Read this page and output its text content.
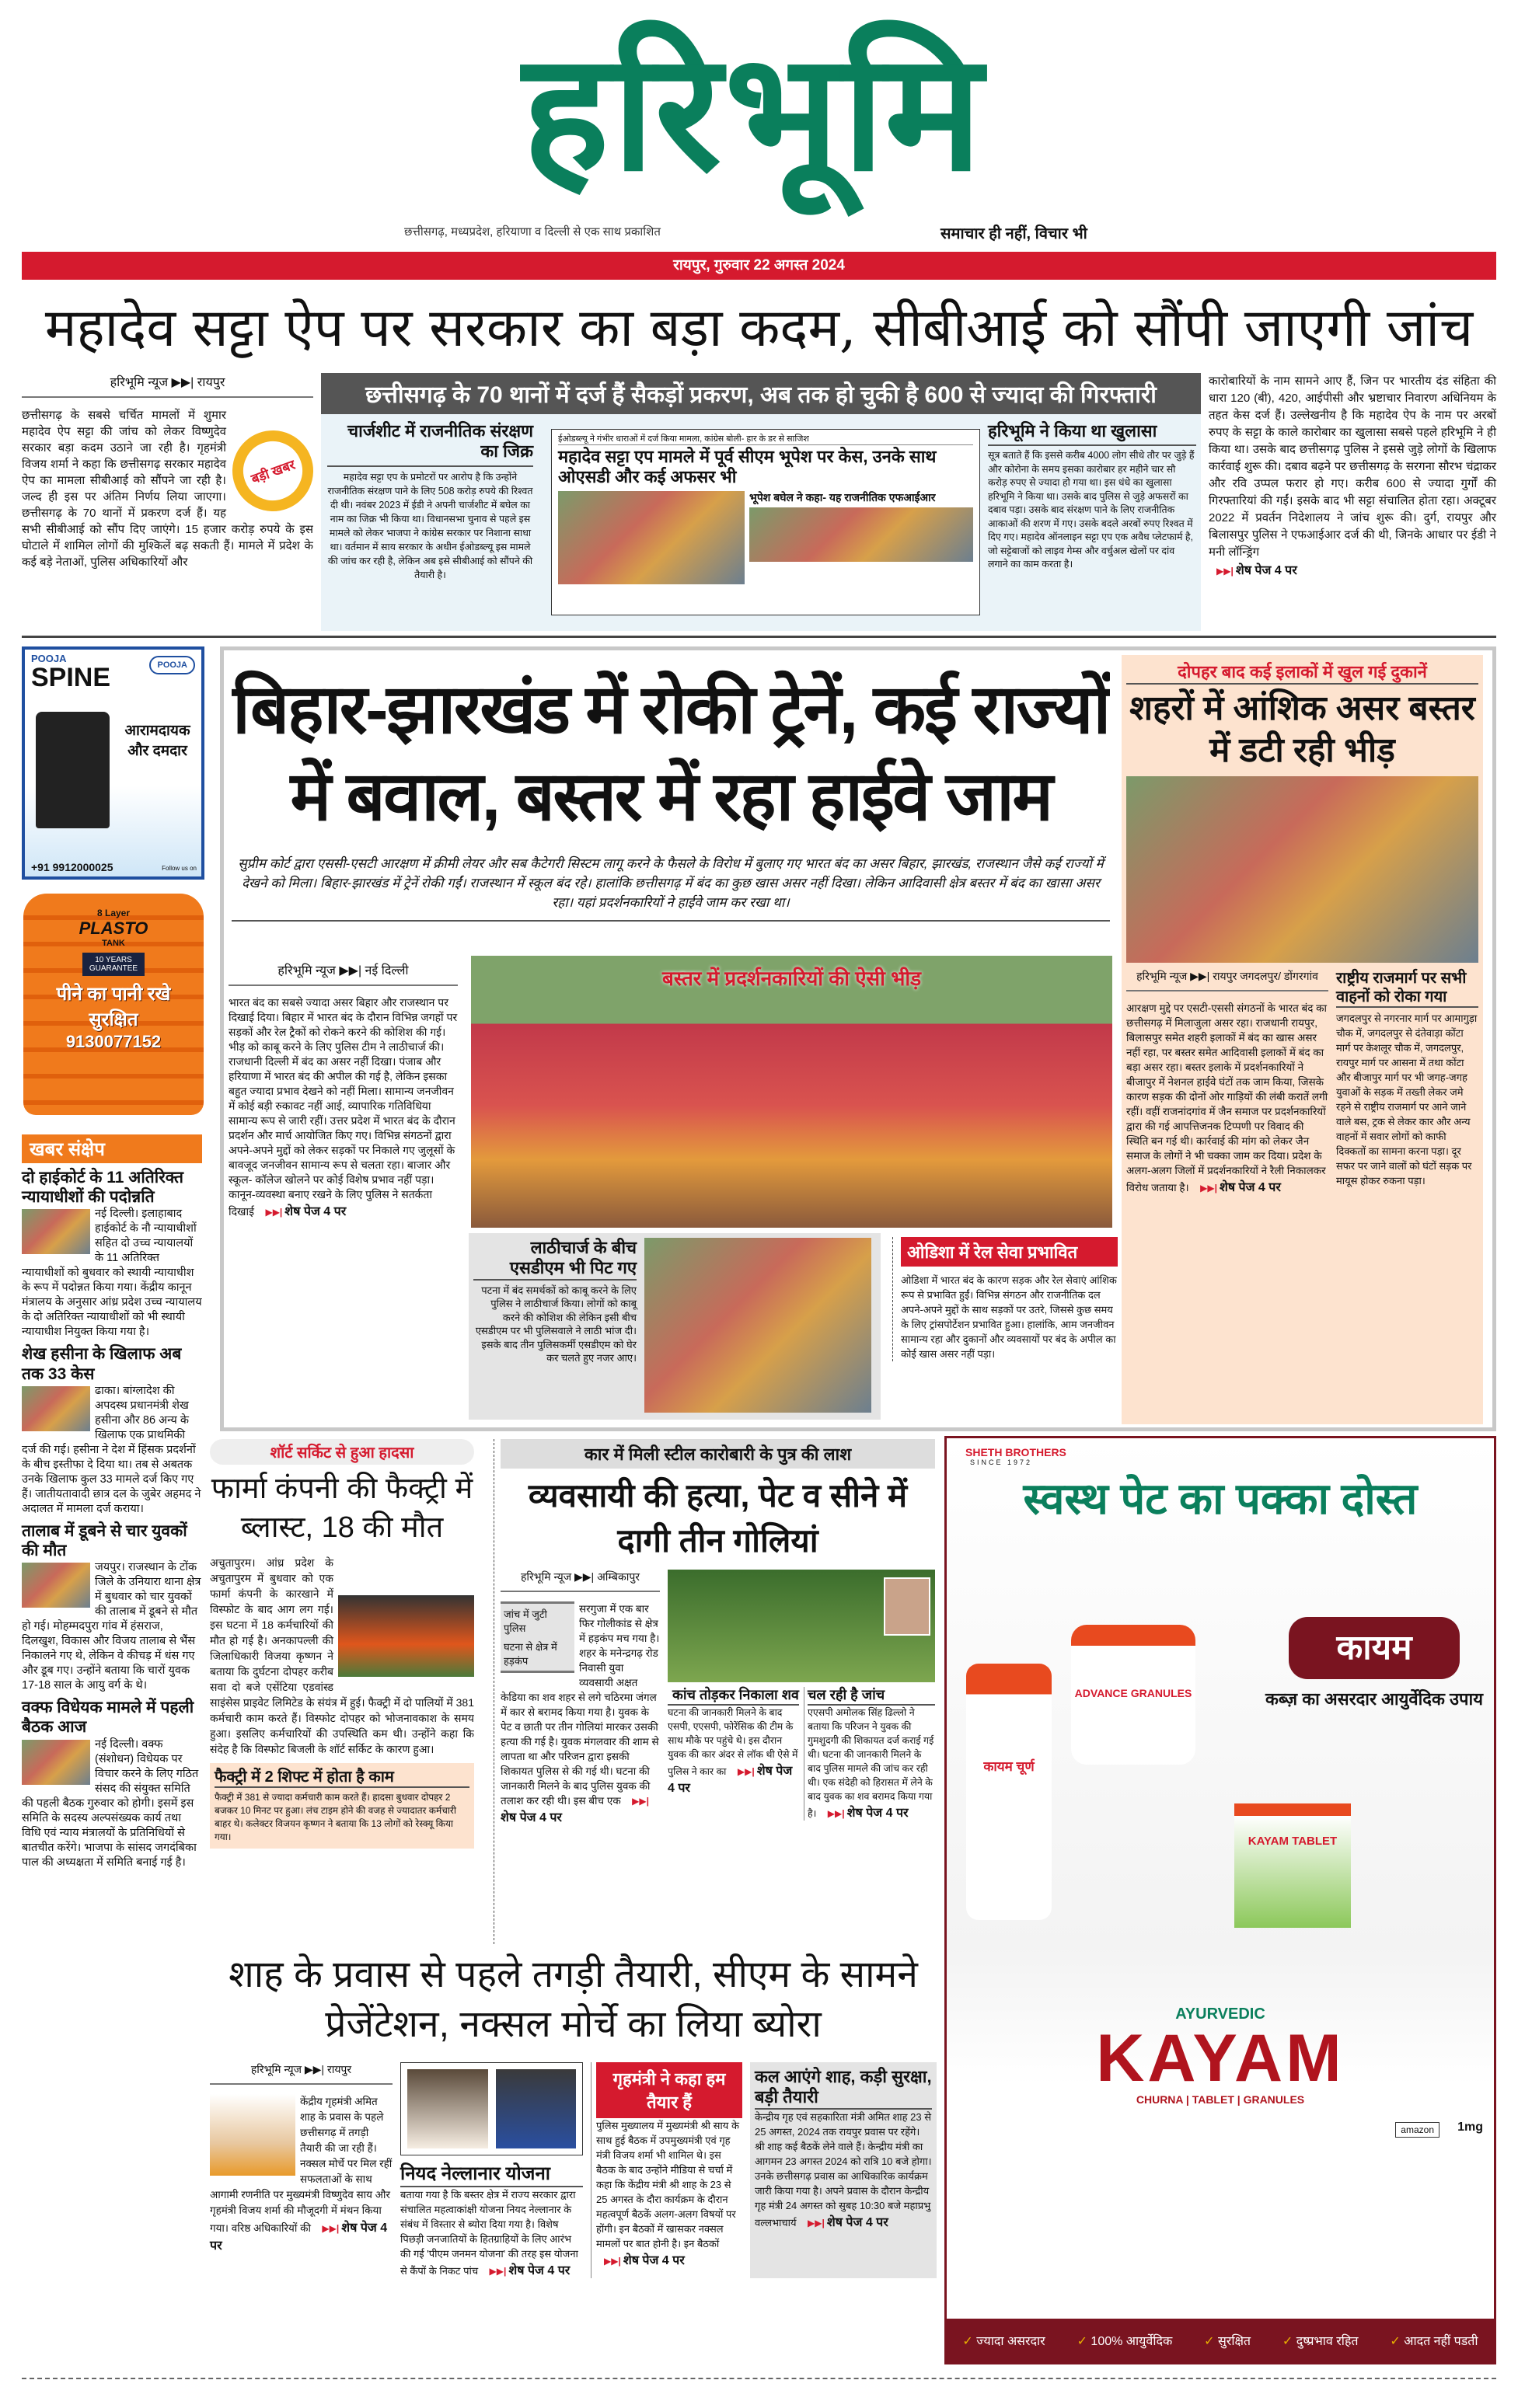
हरिभूमि
छत्तीसगढ़, मध्यप्रदेश, हरियाणा व दिल्ली से एक साथ प्रकाशित	समाचार ही नहीं, विचार भी
रायपुर, गुरुवार 22 अगस्त 2024
महादेव सट्टा ऐप पर सरकार का बड़ा कदम, सीबीआई को सौंपी जाएगी जांच
हरिभूमि न्यूज ▶▶| रायपुर
बड़ी खबर
छत्तीसगढ़ के सबसे चर्चित मामलों में शुमार महादेव ऐप सट्टा की जांच को लेकर विष्णुदेव सरकार बड़ा कदम उठाने जा रही है। गृहमंत्री विजय शर्मा ने कहा कि छत्तीसगढ़ सरकार महादेव ऐप का मामला सीबीआई को सौंपने जा रही है। जल्द ही इस पर अंतिम निर्णय लिया जाएगा। छत्तीसगढ़ के 70 थानों में प्रकरण दर्ज हैं। यह सभी सीबीआई को सौंप दिए जाएंगे। 15 हजार करोड़ रुपये के इस घोटाले में शामिल लोगों की मुश्किलें बढ़ सकती हैं। मामले में प्रदेश के कई बड़े नेताओं, पुलिस अधिकारियों और
छत्तीसगढ़ के 70 थानों में दर्ज हैं सैकड़ों प्रकरण, अब तक हो चुकी है 600 से ज्यादा की गिरफ्तारी
चार्जशीट में राजनीतिक संरक्षण का जिक्र
महादेव सट्टा एप के प्रमोटरों पर आरोप है कि उन्होंने राजनीतिक संरक्षण पाने के लिए 508 करोड़ रुपये की रिश्वत दी थी। नवंबर 2023 में ईडी ने अपनी चार्जशीट में बघेल का नाम का जिक्र भी किया था। विधानसभा चुनाव से पहले इस मामले को लेकर भाजपा ने कांग्रेस सरकार पर निशाना साधा था। वर्तमान में साय सरकार के अधीन ईओडब्ल्यू इस मामले की जांच कर रही है, लेकिन अब इसे सीबीआई को सौंपने की तैयारी है।
ईओडब्ल्यू ने गंभीर धाराओं में दर्ज किया मामला, कांग्रेस बोली- हार के डर से साजिश
महादेव सट्टा एप मामले में पूर्व सीएम भूपेश पर केस, उनके साथ ओएसडी और कई अफसर भी
भूपेश बघेल ने कहा- यह राजनीतिक एफआईआर
हरिभूमि ने किया था खुलासा
सूत्र बताते हैं कि इससे करीब 4000 लोग सीधे तौर पर जुड़े हैं और कोरोना के समय इसका कारोबार हर महीने चार सौ करोड़ रुपए से ज्यादा हो गया था। इस धंधे का खुलासा हरिभूमि ने किया था। उसके बाद पुलिस से जुड़े अफसरों का दबाव पड़ा। उसके बाद संरक्षण पाने के लिए राजनीतिक आकाओं की शरण में गए। उसके बदले अरबों रुपए रिश्वत में दिए गए। महादेव ऑनलाइन सट्टा एप एक अवैध प्लेटफार्म है, जो सट्टेबाजों को लाइव गेम्स और वर्चुअल खेलों पर दांव लगाने का काम करता है।
कारोबारियों के नाम सामने आए हैं, जिन पर भारतीय दंड संहिता की धारा 120 (बी), 420, आईपीसी और भ्रष्टाचार निवारण अधिनियम के तहत केस दर्ज हैं। उल्लेखनीय है कि महादेव ऐप के नाम पर अरबों रुपए के सट्टा के काले कारोबार का खुलासा सबसे पहले हरिभूमि ने ही किया था। उसके बाद छत्तीसगढ़ पुलिस ने इससे जुड़े लोगों के खिलाफ कार्रवाई शुरू की। दबाव बढ़ने पर छत्तीसगढ़ के सरगना सौरभ चंद्राकर और रवि उप्पल फरार हो गए। करीब 600 से ज्यादा गुर्गों की गिरफ्तारियां की गईं। इसके बाद भी सट्टा संचालित होता रहा। अक्टूबर 2022 में प्रवर्तन निदेशालय ने जांच शुरू की। दुर्ग, रायपुर और बिलासपुर पुलिस ने एफआईआर दर्ज की थी, जिनके आधार पर ईडी ने मनी लॉन्ड्रिंग
▶▶| शेष पेज 4 पर
POOJA
SPINE	POOJA
आरामदायक और दमदार
+91 9912000025	Follow us on
8 Layer
PLASTO
TANK
10 YEARS GUARANTEE
पीने का पानी रखे सुरक्षित
9130077152
खबर संक्षेप
दो हाईकोर्ट के 11 अतिरिक्त न्यायाधीशों की पदोन्नति
नई दिल्ली। इलाहाबाद हाईकोर्ट के नौ न्यायाधीशों सहित दो उच्च न्यायालयों के 11 अतिरिक्त न्यायाधीशों को बुधवार को स्थायी न्यायाधीश के रूप में पदोन्नत किया गया। केंद्रीय कानून मंत्रालय के अनुसार आंध्र प्रदेश उच्च न्यायालय के दो अतिरिक्त न्यायाधीशों को भी स्थायी न्यायाधीश नियुक्त किया गया है।
शेख हसीना के खिलाफ अब तक 33 केस
ढाका। बांग्लादेश की अपदस्थ प्रधानमंत्री शेख हसीना और 86 अन्य के खिलाफ एक प्राथमिकी दर्ज की गई। हसीना ने देश में हिंसक प्रदर्शनों के बीच इस्तीफा दे दिया था। तब से अबतक उनके खिलाफ कुल 33 मामले दर्ज किए गए हैं। जातीयतावादी छात्र दल के जुबेर अहमद ने अदालत में मामला दर्ज कराया।
तालाब में डूबने से चार युवकों की मौत
जयपुर। राजस्थान के टोंक जिले के उनियारा थाना क्षेत्र में बुधवार को चार युवकों की तालाब में डूबने से मौत हो गई। मोहम्मदपुरा गांव में हंसराज, दिलखुश, विकास और विजय तालाब से भैंस निकालने गए थे, लेकिन वे कीचड़ में धंस गए और डूब गए। उन्होंने बताया कि चारों युवक 17-18 साल के आयु वर्ग के थे।
वक्फ विधेयक मामले में पहली बैठक आज
नई दिल्ली। वक्फ (संशोधन) विधेयक पर विचार करने के लिए गठित संसद की संयुक्त समिति की पहली बैठक गुरुवार को होगी। इसमें इस समिति के सदस्य अल्पसंख्यक कार्य तथा विधि एवं न्याय मंत्रालयों के प्रतिनिधियों से बातचीत करेंगे। भाजपा के सांसद जगदंबिका पाल की अध्यक्षता में समिति बनाई गई है।
बिहार-झारखंड में रोकी ट्रेनें, कई राज्यों में बवाल, बस्तर में रहा हाईवे जाम
सुप्रीम कोर्ट द्वारा एससी-एसटी आरक्षण में क्रीमी लेयर और सब कैटेगरी सिस्टम लागू करने के फैसले के विरोध में बुलाए गए भारत बंद का असर बिहार, झारखंड, राजस्थान जैसे कई राज्यों में देखने को मिला। बिहार-झारखंड में ट्रेनें रोकी गईं। राजस्थान में स्कूल बंद रहे। हालांकि छत्तीसगढ़ में बंद का कुछ खास असर नहीं दिखा। लेकिन आदिवासी क्षेत्र बस्तर में बंद का खासा असर रहा। यहां प्रदर्शनकारियों ने हाईवे जाम कर रखा था।
हरिभूमि न्यूज ▶▶| नई दिल्ली
भारत बंद का सबसे ज्यादा असर बिहार और राजस्थान पर दिखाई दिया। बिहार में भारत बंद के दौरान विभिन्न जगहों पर सड़कों और रेल ट्रैकों को रोकने करने की कोशिश की गई। भीड़ को काबू करने के लिए पुलिस टीम ने लाठीचार्ज की। राजधानी दिल्ली में बंद का असर नहीं दिखा। पंजाब और हरियाणा में भारत बंद की अपील की गई है, लेकिन इसका बहुत ज्यादा प्रभाव देखने को नहीं मिला। सामान्य जनजीवन में कोई बड़ी रुकावट नहीं आई, व्यापारिक गतिविधिया सामान्य रूप से जारी रहीं। उत्तर प्रदेश में भारत बंद के दौरान प्रदर्शन और मार्च आयोजित किए गए। विभिन्न संगठनों द्वारा अपने-अपने मुद्दों को लेकर सड़कों पर निकाले गए जुलूसों के बावजूद जनजीवन सामान्य रूप से चलता रहा। बाजार और स्कूल- कॉलेज खोलने पर कोई विशेष प्रभाव नहीं पड़ा। कानून-व्यवस्था बनाए रखने के लिए पुलिस ने सतर्कता दिखाई ▶▶| शेष पेज 4 पर
बस्तर में प्रदर्शनकारियों की ऐसी भीड़
लाठीचार्ज के बीच एसडीएम भी पिट गए
पटना में बंद समर्थकों को काबू करने के लिए पुलिस ने लाठीचार्ज किया। लोगों को काबू करने की कोशिश की लेकिन इसी बीच एसडीएम पर भी पुलिसवाले ने लाठी भांज दी। इसके बाद तीन पुलिसकर्मी एसडीएम को घेर कर चलते हुए नजर आए।
ओडिशा में रेल सेवा प्रभावित
ओडिशा में भारत बंद के कारण सड़क और रेल सेवाएं आंशिक रूप से प्रभावित हुईं। विभिन्न संगठन और राजनीतिक दल अपने-अपने मुद्दों के साथ सड़कों पर उतरे, जिससे कुछ समय के लिए ट्रांसपोर्टेशन प्रभावित हुआ। हालांकि, आम जनजीवन सामान्य रहा और दुकानों और व्यवसायों पर बंद के अपील का कोई खास असर नहीं पड़ा।
दोपहर बाद कई इलाकों में खुल गई दुकानें
शहरों में आंशिक असर बस्तर में डटी रही भीड़
हरिभूमि न्यूज ▶▶| रायपुर जगदलपुर/ डोंगरगांव
आरक्षण मुद्दे पर एसटी-एससी संगठनों के भारत बंद का छत्तीसगढ़ में मिलाजुला असर रहा। राजधानी रायपुर, बिलासपुर समेत शहरी इलाकों में बंद का खास असर नहीं रहा, पर बस्तर समेत आदिवासी इलाकों में बंद का बड़ा असर रहा। बस्तर इलाके में प्रदर्शनकारियों ने बीजापुर में नेशनल हाईवे घंटों तक जाम किया, जिसके कारण सड़क की दोनों ओर गाड़ियों की लंबी करातें लगी रहीं। वहीं राजनांदगांव में जैन समाज पर प्रदर्शनकारियों द्वारा की गई आपत्तिजनक टिप्पणी पर विवाद की स्थिति बन गई थी। कार्रवाई की मांग को लेकर जैन समाज के लोगों ने भी चक्का जाम कर दिया। प्रदेश के अलग-अलग जिलों में प्रदर्शनकारियों ने रैली निकालकर विरोध जताया है। ▶▶| शेष पेज 4 पर
राष्ट्रीय राजमार्ग पर सभी वाहनों को रोका गया
जगदलपुर से नगरनार मार्ग पर आमागुड़ा चौक में, जगदलपुर से दंतेवाड़ा कोंटा मार्ग पर केशलूर चौक में, जगदलपुर, रायपुर मार्ग पर आसना में तथा कोंटा और बीजापुर मार्ग पर भी जगह-जगह युवाओं के सड़क में तख्ती लेकर जमे रहने से राष्ट्रीय राजमार्ग पर आने जाने वाले बस, ट्रक से लेकर कार और अन्य वाहनों में सवार लोगों को काफी दिक्कतों का सामना करना पड़ा। दूर सफर पर जाने वालों को घंटों सड़क पर मायूस होकर रुकना पड़ा।
शॉर्ट सर्किट से हुआ हादसा
फार्मा कंपनी की फैक्ट्री में ब्लास्ट, 18 की मौत
अचुतापुरम। आंध्र प्रदेश के अचुतापुरम में बुधवार को एक फार्मा कंपनी के कारखाने में विस्फोट के बाद आग लग गई। इस घटना में 18 कर्मचारियों की मौत हो गई है। अनकापल्ली की जिलाधिकारी विजया कृष्णन ने बताया कि दुर्घटना दोपहर करीब सवा दो बजे एसेंटिया एडवांस्ड साइंसेस प्राइवेट लिमिटेड के संयंत्र में हुई। फैक्ट्री में दो पालियों में 381 कर्मचारी काम करते हैं। विस्फोट दोपहर को भोजनावकाश के समय हुआ। इसलिए कर्मचारियों की उपस्थिति कम थी। उन्होंने कहा कि संदेह है कि विस्फोट बिजली के शॉर्ट सर्किट के कारण हुआ।
फैक्ट्री में 2 शिफ्ट में होता है काम
फैक्ट्री में 381 से ज्यादा कर्मचारी काम करते हैं। हादसा बुधवार दोपहर 2 बजकर 10 मिनट पर हुआ। लंच टाइम होने की वजह से ज्यादातर कर्मचारी बाहर थे। कलेक्टर विजयन कृष्णन ने बताया कि 13 लोगों को रेस्क्यू किया गया।
कार में मिली स्टील कारोबारी के पुत्र की लाश
व्यवसायी की हत्या, पेट व सीने में दागी तीन गोलियां
हरिभूमि न्यूज ▶▶| अम्बिकापुर
जांच में जुटी पुलिस
घटना से क्षेत्र में हड़कंप
सरगुजा में एक बार फिर गोलीकांड से क्षेत्र में हड़कंप मच गया है। शहर के मनेन्द्रगढ़ रोड निवासी युवा व्यवसायी अक्षत केडिया का शव शहर से लगे चठिरमा जंगल में कार से बरामद किया गया है। युवक के पेट व छाती पर तीन गोलियां मारकर उसकी हत्या की गई है। युवक मंगलवार की शाम से लापता था और परिजन द्वारा इसकी शिकायत पुलिस से की गई थी। घटना की जानकारी मिलने के बाद पुलिस युवक की तलाश कर रही थी। इस बीच एक ▶▶| शेष पेज 4 पर
कांच तोड़कर निकाला शव
घटना की जानकारी मिलने के बाद एसपी, एएसपी, फोरेंसिक की टीम के साथ मौके पर पहुंचे थे। इस दौरान युवक की कार अंदर से लॉक थी ऐसे में पुलिस ने कार का ▶▶| शेष पेज 4 पर
चल रही है जांच
एएसपी अमोलक सिंह ढिल्लो ने बताया कि परिजन ने युवक की गुमशुदगी की शिकायत दर्ज कराई गई थी। घटना की जानकारी मिलने के बाद पुलिस मामले की जांच कर रही थी। एक संदेही को हिरासत में लेने के बाद युवक का शव बरामद किया गया है। ▶▶| शेष पेज 4 पर
शाह के प्रवास से पहले तगड़ी तैयारी, सीएम के सामने प्रेजेंटेशन, नक्सल मोर्चे का लिया ब्योरा
हरिभूमि न्यूज ▶▶| रायपुर
केंद्रीय गृहमंत्री अमित शाह के प्रवास के पहले छत्तीसगढ़ में तगड़ी तैयारी की जा रही हैं। नक्सल मोर्चे पर मिल रहीं सफलताओं के साथ आगामी रणनीति पर मुख्यमंत्री विष्णुदेव साय और गृहमंत्री विजय शर्मा की मौजूदगी में मंथन किया गया। वरिष्ठ अधिकारियों की ▶▶| शेष पेज 4 पर
नियद नेल्लानार योजना
बताया गया है कि बस्तर क्षेत्र में राज्य सरकार द्वारा संचालित महत्वाकांक्षी योजना नियद नेल्लानार के संबंध में विस्तार से ब्योरा दिया गया है। विशेष पिछड़ी जनजातियों के हितग्राहियों के लिए आरंभ की गई 'पीएम जनमन योजना' की तरह इस योजना से कैंपों के निकट पांच ▶▶| शेष पेज 4 पर
गृहमंत्री ने कहा हम तैयार हैं
पुलिस मुख्यालय में मुख्यमंत्री श्री साय के साथ हुई बैठक में उपमुख्यमंत्री एवं गृह मंत्री विजय शर्मा भी शामिल थे। इस बैठक के बाद उन्होंने मीडिया से चर्चा में कहा कि केंद्रीय मंत्री श्री शाह के 23 से 25 अगस्त के दौरा कार्यक्रम के दौरान महत्वपूर्ण बैठकें अलग-अलग विषयों पर होंगी। इन बैठकों में खासकर नक्सल मामलों पर बात होनी है। इन बैठकों ▶▶| शेष पेज 4 पर
कल आएंगे शाह, कड़ी सुरक्षा, बड़ी तैयारी
केन्द्रीय गृह एवं सहकारिता मंत्री अमित शाह 23 से 25 अगस्त, 2024 तक रायपुर प्रवास पर रहेंगे। श्री शाह कई बैठकें लेने वाले हैं। केन्द्रीय मंत्री का आगमन 23 अगस्त 2024 को रात्रि 10 बजे होगा। उनके छत्तीसगढ़ प्रवास का आधिकारिक कार्यक्रम जारी किया गया है। अपने प्रवास के दौरान केन्द्रीय गृह मंत्री 24 अगस्त को सुबह 10:30 बजे महाप्रभु वल्लभाचार्य ▶▶| शेष पेज 4 पर
SHETH BROTHERS
SINCE 1972
स्वस्थ पेट का पक्का दोस्त
कायम
कब्ज़ का असरदार आयुर्वेदिक उपाय
कायम चूर्ण
ADVANCE GRANULES
KAYAM TABLET
AYURVEDIC
KAYAM
CHURNA | TABLET | GRANULES
amazon	1mg
✓ ज्यादा असरदार	✓ 100% आयुर्वेदिक	✓ सुरक्षित	✓ दुष्प्रभाव रहित	✓ आदत नहीं पडती
